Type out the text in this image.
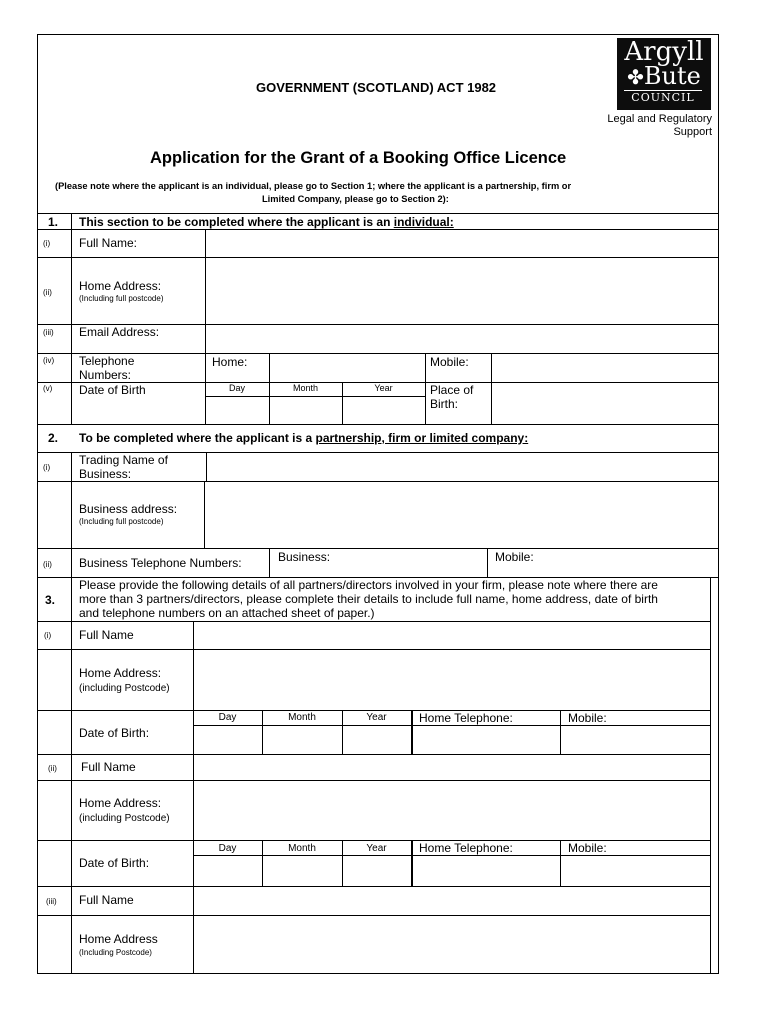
GOVERNMENT (SCOTLAND) ACT 1982
Argyll
✤Bute
COUNCIL
Legal and Regulatory
Support
Application for the Grant of a Booking Office Licence
(Please note where the applicant is an individual, please go to Section 1; where the applicant is a partnership, firm or
Limited Company, please go to Section 2):
1. This section to be completed where the applicant is an individual:
(i) Full Name:
(ii) Home Address:
(Including full postcode)
(iii) Email Address:
(iv) Telephone
Numbers:
Home:	Mobile:
(v) Date of Birth	Day	Month	Year	Place of
Birth:
2. To be completed where the applicant is a partnership, firm or limited company:
(i)
Trading Name of
Business:
Business address:
(Including full postcode)
(ii) Business Telephone Numbers:	Business:	Mobile:
3.
Please provide the following details of all partners/directors involved in your firm, please note where there are
more than 3 partners/directors, please complete their details to include full name, home address, date of birth
and telephone numbers on an attached sheet of paper.)
(i) Full Name
Home Address:
(including Postcode)
Date of Birth:
Day	Month	Year	Home Telephone:	Mobile:
(ii) Full Name
Home Address:
(including Postcode)
Date of Birth:
Day	Month	Year	Home Telephone:	Mobile:
(iii) Full Name
Home Address
(Including Postcode)
